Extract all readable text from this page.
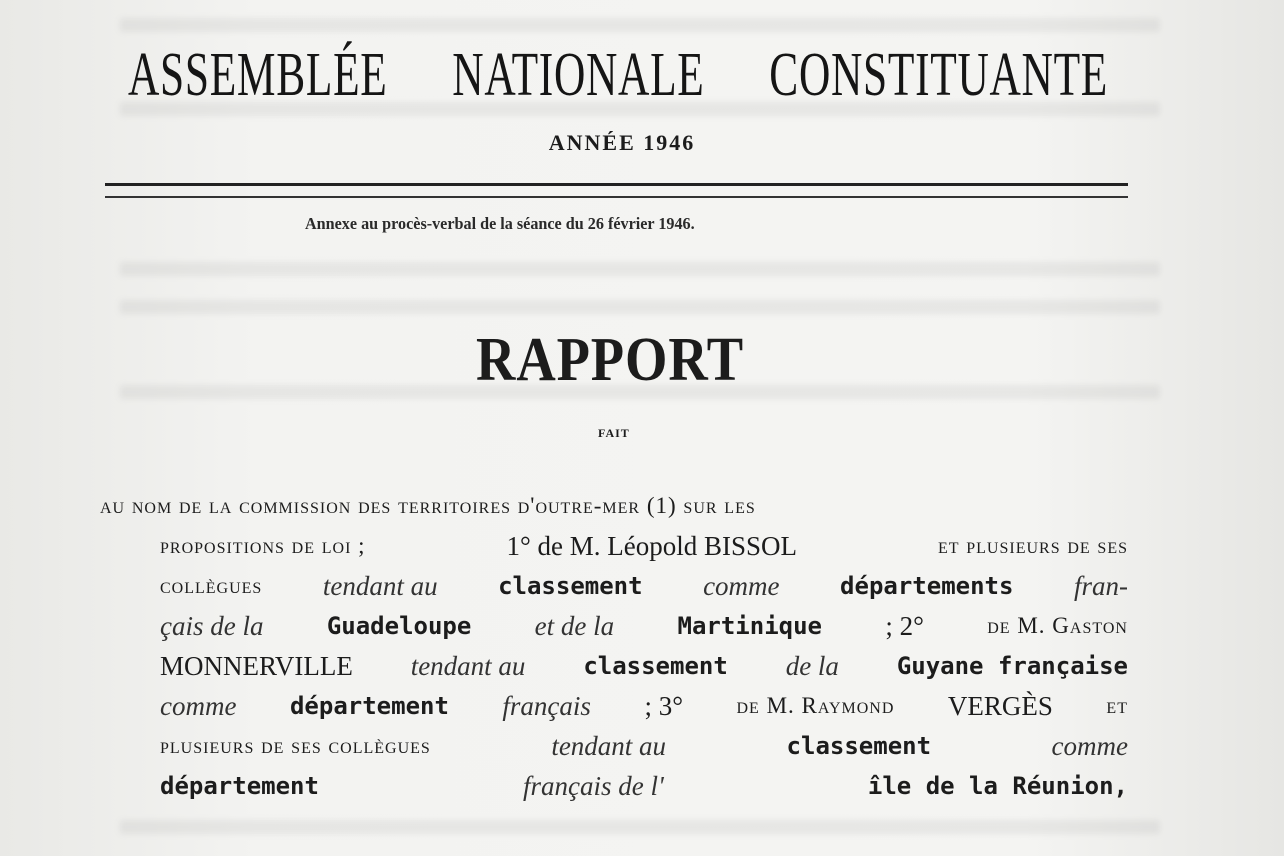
ASSEMBLÉE NATIONALE CONSTITUANTE
ANNÉE 1946
Annexe au procès-verbal de la séance du 26 février 1946.
RAPPORT
FAIT
au nom de la commission des territoires d'outre-mer (1) sur les
propositions de loi ;	1° de M. Léopold BISSOL	et plusieurs de ses
collègues tendant au	classement comme	départements fran-
çais de la	Guadeloupe et de la	Martinique ; 2°	de M. Gaston
MONNERVILLE tendant au classement de la Guyane française
comme département français ; 3° de M. Raymond VERGÈS et
plusieurs de ses collègues	tendant au	classement	comme
département	français de l'	île de la Réunion,
